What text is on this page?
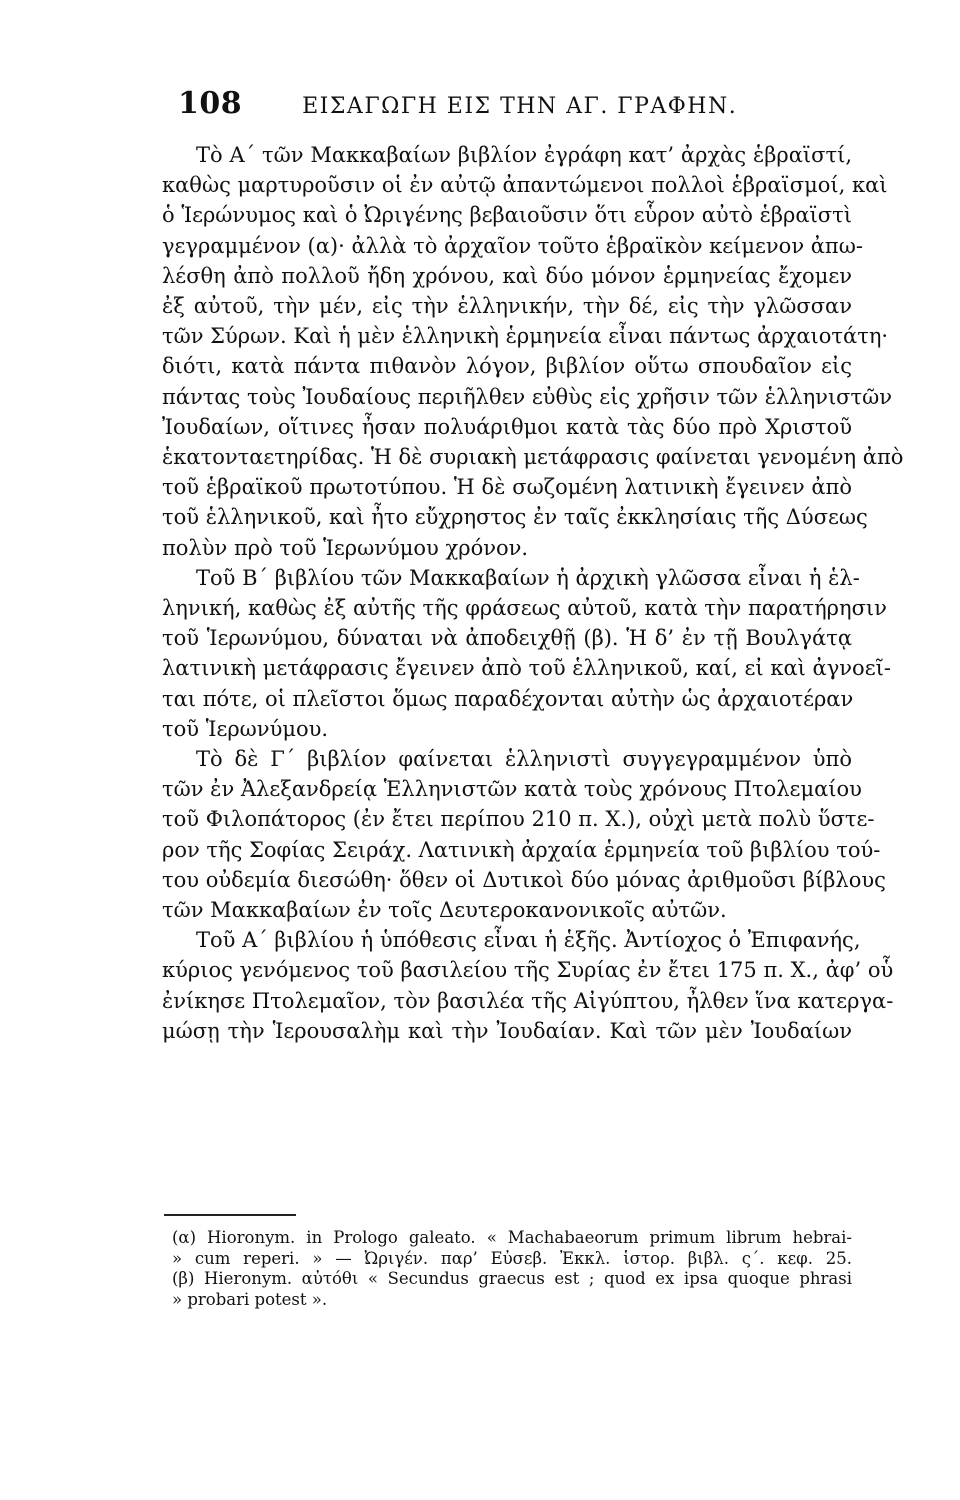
108	ΕΙΣΑΓΩΓΗ ΕΙΣ ΤΗΝ ΑΓ. ΓΡΑΦΗΝ.
Τὸ Α΄ τῶν Μακκαβαίων βιβλίον ἐγράφη κατ’ ἀρχὰς ἑβραϊστί,
καθὼς μαρτυροῦσιν οἱ ἐν αὐτῷ ἀπαντώμενοι πολλοὶ ἑβραϊσμοί, καὶ
ὁ Ἱερώνυμος καὶ ὁ Ὠριγένης βεβαιοῦσιν ὅτι εὗρον αὐτὸ ἑβραϊστὶ
γεγραμμένον (α)· ἀλλὰ τὸ ἀρχαῖον τοῦτο ἑβραϊκὸν κείμενον ἀπω-
λέσθη ἀπὸ πολλοῦ ἤδη χρόνου, καὶ δύο μόνον ἑρμηνείας ἔχομεν
ἐξ αὐτοῦ, τὴν μέν, εἰς τὴν ἑλληνικήν, τὴν δέ, εἰς τὴν γλῶσσαν
τῶν Σύρων. Καὶ ἡ μὲν ἑλληνικὴ ἑρμηνεία εἶναι πάντως ἀρχαιοτάτη·
διότι, κατὰ πάντα πιθανὸν λόγον, βιβλίον οὕτω σπουδαῖον εἰς
πάντας τοὺς Ἰουδαίους περιῆλθεν εὐθὺς εἰς χρῆσιν τῶν ἑλληνιστῶν
Ἰουδαίων, οἵτινες ἦσαν πολυάριθμοι κατὰ τὰς δύο πρὸ Χριστοῦ
ἑκατονταετηρίδας. Ἡ δὲ συριακὴ μετάφρασις φαίνεται γενομένη ἀπὸ
τοῦ ἑβραϊκοῦ πρωτοτύπου. Ἡ δὲ σωζομένη λατινικὴ ἔγεινεν ἀπὸ
τοῦ ἑλληνικοῦ, καὶ ἦτο εὔχρηστος ἐν ταῖς ἐκκλησίαις τῆς Δύσεως
πολὺν πρὸ τοῦ Ἱερωνύμου χρόνον.
Τοῦ Β΄ βιβλίου τῶν Μακκαβαίων ἡ ἀρχικὴ γλῶσσα εἶναι ἡ ἑλ-
ληνική, καθὼς ἐξ αὐτῆς τῆς φράσεως αὐτοῦ, κατὰ τὴν παρατήρησιν
τοῦ Ἱερωνύμου, δύναται νὰ ἀποδειχθῇ (β). Ἡ δ’ ἐν τῇ Βουλγάτᾳ
λατινικὴ μετάφρασις ἔγεινεν ἀπὸ τοῦ ἑλληνικοῦ, καί, εἰ καὶ ἀγνοεῖ-
ται πότε, οἱ πλεῖστοι ὅμως παραδέχονται αὐτὴν ὡς ἀρχαιοτέραν
τοῦ Ἱερωνύμου.
Τὸ δὲ Γ΄ βιβλίον φαίνεται ἑλληνιστὶ συγγεγραμμένον ὑπὸ
τῶν ἐν Ἀλεξανδρείᾳ Ἑλληνιστῶν κατὰ τοὺς χρόνους Πτολεμαίου
τοῦ Φιλοπάτορος (ἐν ἔτει περίπου 210 π. Χ.), οὐχὶ μετὰ πολὺ ὕστε-
ρον τῆς Σοφίας Σειράχ. Λατινικὴ ἀρχαία ἑρμηνεία τοῦ βιβλίου τού-
του οὐδεμία διεσώθη· ὅθεν οἱ Δυτικοὶ δύο μόνας ἀριθμοῦσι βίβλους
τῶν Μακκαβαίων ἐν τοῖς Δευτεροκανονικοῖς αὐτῶν.
Τοῦ Α΄ βιβλίου ἡ ὑπόθεσις εἶναι ἡ ἑξῆς. Ἀντίοχος ὁ Ἐπιφανής,
κύριος γενόμενος τοῦ βασιλείου τῆς Συρίας ἐν ἔτει 175 π. Χ., ἀφ’ οὗ
ἐνίκησε Πτολεμαῖον, τὸν βασιλέα τῆς Αἰγύπτου, ἦλθεν ἵνα κατεργα-
μώσῃ τὴν Ἱερουσαλὴμ καὶ τὴν Ἰουδαίαν. Καὶ τῶν μὲν Ἰουδαίων
(α) Hioronym. in Prologo galeato. « Machabaeorum primum librum hebrai-
» cum reperi. » — Ὠριγέν. παρ’ Εὐσεβ. Ἐκκλ. ἱστορ. βιβλ. ς΄. κεφ. 25.
(β) Hieronym. αὐτόθι « Secundus graecus est ; quod ex ipsa quoque phrasi
» probari potest ».
